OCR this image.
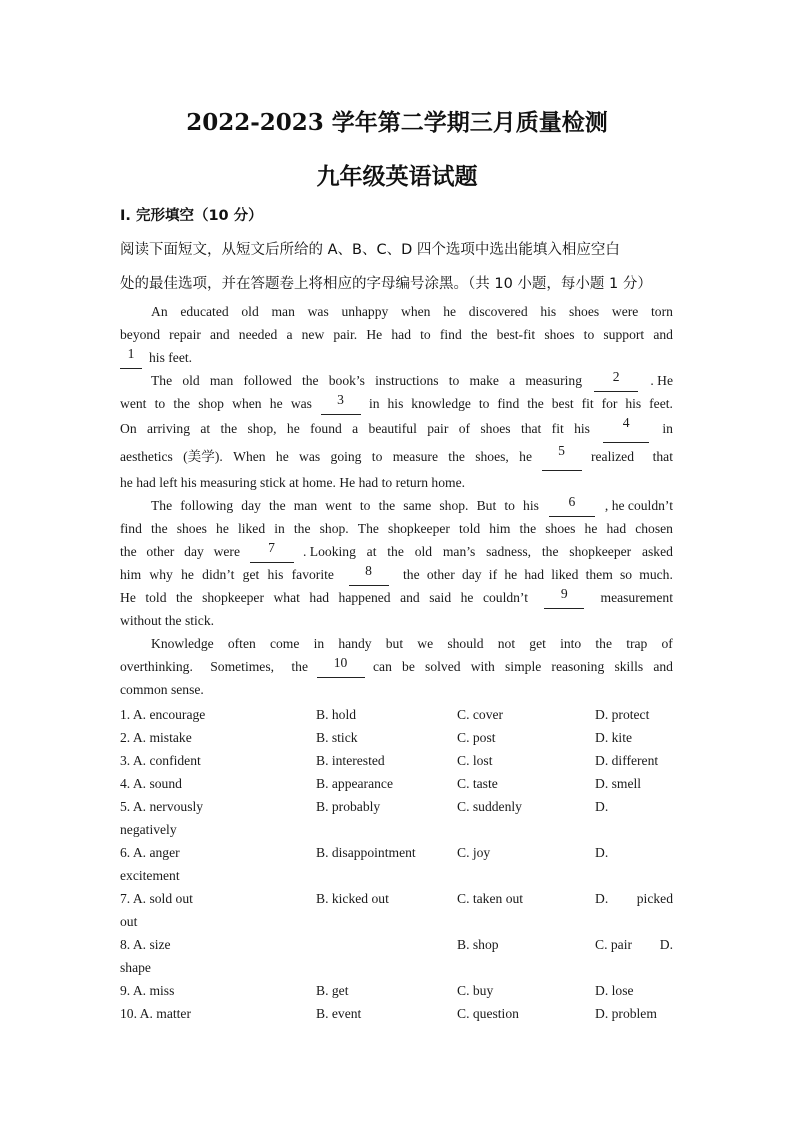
2022-2023 学年第二学期三月质量检测
九年级英语试题
Ⅰ. 完形填空（10 分）
阅读下面短文，从短文后所给的 A、B、C、D 四个选项中选出能填入相应空白
处的最佳选项，并在答题卷上将相应的字母编号涂黑。（共 10 小题，每小题 1 分）
An educated old man was unhappy when he discovered his shoes were torn
beyond repair and needed a new pair. He had to find the best-fit shoes to support and
1	his feet.
The old man followed the book’s instructions to make a measuring	2	. He
went to the shop when he was	3	in his knowledge to find the best fit for his feet.
On arriving at the shop, he found a beautiful pair of shoes that fit his	4	in
aesthetics (美学). When he was going to measure the shoes, he	5	realized that
he had left his measuring stick at home. He had to return home.
The following day the man went to the same shop. But to his	6	, he couldn’t
find the shoes he liked in the shop. The shopkeeper told him the shoes he had chosen
the other day were	7	. Looking at the old man’s sadness, the shopkeeper asked
him why he didn’t get his favorite	8	the other day if he had liked them so much.
He told the shopkeeper what had happened and said he couldn’t	9	measurement
without the stick.
Knowledge often come in handy but we should not get into the trap of
overthinking. Sometimes, the	10	can be solved with simple reasoning skills and
common sense.
1. A. encourage	B. hold	C. cover	D. protect
2. A. mistake	B. stick	C. post	D. kite
3. A. confident	B. interested	C. lost	D. different
4. A. sound	B. appearance	C. taste	D. smell
5. A. nervously	B. probably	C. suddenly	D.
negatively
6. A. anger	B. disappointment	C. joy	D.
excitement
7. A. sold out	B. kicked out	C. taken out	D. picked
out
8. A. size	B. shop	C. pair D.
shape
9. A. miss	B. get	C. buy	D. lose
10. A. matter	B. event	C. question	D. problem
